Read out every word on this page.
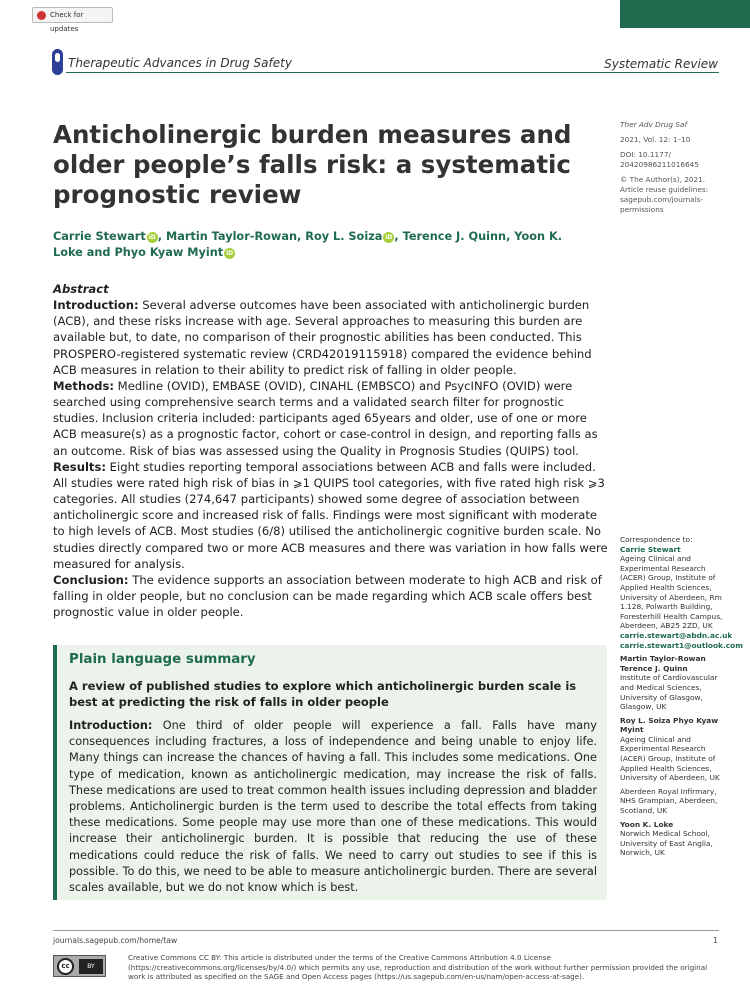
Check for updates
Therapeutic Advances in Drug Safety	Systematic Review
Anticholinergic burden measures and older people’s falls risk: a systematic prognostic review
Carrie Stewart iD , Martin Taylor-Rowan, Roy L. Soiza iD , Terence J. Quinn, Yoon K. Loke and Phyo Kyaw Myint iD

Ther Adv Drug Saf

2021, Vol. 12: 1–10

DOI: 10.1177/ 20420986211016645

© The Author(s), 2021. Article reuse guidelines: sagepub.com/journals-permissions

Abstract
Introduction: Several adverse outcomes have been associated with anticholinergic burden (ACB), and these risks increase with age. Several approaches to measuring this burden are available but, to date, no comparison of their prognostic abilities has been conducted. This PROSPERO-registered systematic review (CRD42019115918) compared the evidence behind ACB measures in relation to their ability to predict risk of falling in older people.
Methods: Medline (OVID), EMBASE (OVID), CINAHL (EMBSCO) and PsycINFO (OVID) were searched using comprehensive search terms and a validated search filter for prognostic studies. Inclusion criteria included: participants aged 65years and older, use of one or more ACB measure(s) as a prognostic factor, cohort or case-control in design, and reporting falls as an outcome. Risk of bias was assessed using the Quality in Prognosis Studies (QUIPS) tool.
Results: Eight studies reporting temporal associations between ACB and falls were included. All studies were rated high risk of bias in ⩾1 QUIPS tool categories, with five rated high risk ⩾3 categories. All studies (274,647 participants) showed some degree of association between anticholinergic score and increased risk of falls. Findings were most significant with moderate to high levels of ACB. Most studies (6/8) utilised the anticholinergic cognitive burden scale. No studies directly compared two or more ACB measures and there was variation in how falls were measured for analysis.
Conclusion: The evidence supports an association between moderate to high ACB and risk of falling in older people, but no conclusion can be made regarding which ACB scale offers best prognostic value in older people.
Plain language summary
A review of published studies to explore which anticholinergic burden scale is best at predicting the risk of falls in older people
Introduction: One third of older people will experience a fall. Falls have many consequences including fractures, a loss of independence and being unable to enjoy life. Many things can increase the chances of having a fall. This includes some medications. One type of medication, known as anticholinergic medication, may increase the risk of falls. These medications are used to treat common health issues including depression and bladder problems. Anticholinergic burden is the term used to describe the total effects from taking these medications. Some people may use more than one of these medications. This would increase their anticholinergic burden. It is possible that reducing the use of these medications could reduce the risk of falls. We need to carry out studies to see if this is possible. To do this, we need to be able to measure anticholinergic burden. There are several scales available, but we do not know which is best.
Correspondence to:
Carrie Stewart
Ageing Clinical and Experimental Research (ACER) Group, Institute of Applied Health Sciences, University of Aberdeen, Rm 1.128, Polwarth Building, Foresterhill Health Campus, Aberdeen, AB25 2ZD, UK
carrie.stewart@abdn.ac.uk

carrie.stewart1@outlook.com

Martin Taylor-Rowan Terence J. Quinn

Institute of Cardiovascular and Medical Sciences, University of Glasgow, Glasgow, UK

Roy L. Soiza Phyo Kyaw Myint

Ageing Clinical and Experimental Research (ACER) Group, Institute of Applied Health Sciences, University of Aberdeen, UK

Aberdeen Royal Infirmary, NHS Grampian, Aberdeen, Scotland, UK

Yoon K. Loke

Norwich Medical School, University of East Anglia, Norwich, UK

journals.sagepub.com/home/taw	1
cc	BY
Creative Commons CC BY: This article is distributed under the terms of the Creative Commons Attribution 4.0 License (https://creativecommons.org/licenses/by/4.0/) which permits any use, reproduction and distribution of the work without further permission provided the original work is attributed as specified on the SAGE and Open Access pages (https://us.sagepub.com/en-us/nam/open-access-at-sage).
